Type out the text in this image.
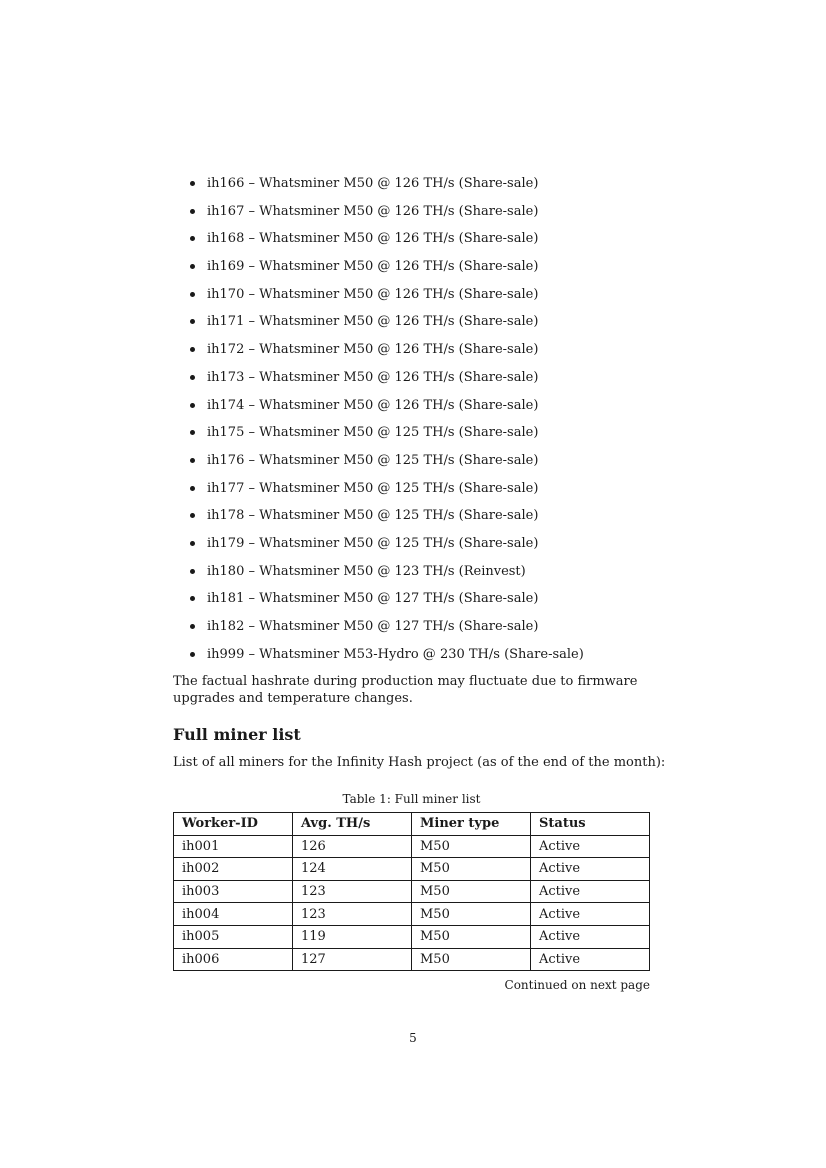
ih166 – Whatsminer M50 @ 126 TH/s (Share-sale)
ih167 – Whatsminer M50 @ 126 TH/s (Share-sale)
ih168 – Whatsminer M50 @ 126 TH/s (Share-sale)
ih169 – Whatsminer M50 @ 126 TH/s (Share-sale)
ih170 – Whatsminer M50 @ 126 TH/s (Share-sale)
ih171 – Whatsminer M50 @ 126 TH/s (Share-sale)
ih172 – Whatsminer M50 @ 126 TH/s (Share-sale)
ih173 – Whatsminer M50 @ 126 TH/s (Share-sale)
ih174 – Whatsminer M50 @ 126 TH/s (Share-sale)
ih175 – Whatsminer M50 @ 125 TH/s (Share-sale)
ih176 – Whatsminer M50 @ 125 TH/s (Share-sale)
ih177 – Whatsminer M50 @ 125 TH/s (Share-sale)
ih178 – Whatsminer M50 @ 125 TH/s (Share-sale)
ih179 – Whatsminer M50 @ 125 TH/s (Share-sale)
ih180 – Whatsminer M50 @ 123 TH/s (Reinvest)
ih181 – Whatsminer M50 @ 127 TH/s (Share-sale)
ih182 – Whatsminer M50 @ 127 TH/s (Share-sale)
ih999 – Whatsminer M53-Hydro @ 230 TH/s (Share-sale)

The factual hashrate during production may fluctuate due to firmware upgrades and temperature changes.

Full miner list

List of all miners for the Infinity Hash project (as of the end of the month):

Table 1: Full miner list
Worker-ID	Avg. TH/s	Miner type	Status
ih001	126	M50	Active
ih002	124	M50	Active
ih003	123	M50	Active
ih004	123	M50	Active
ih005	119	M50	Active
ih006	127	M50	Active
Continued on next page
5
